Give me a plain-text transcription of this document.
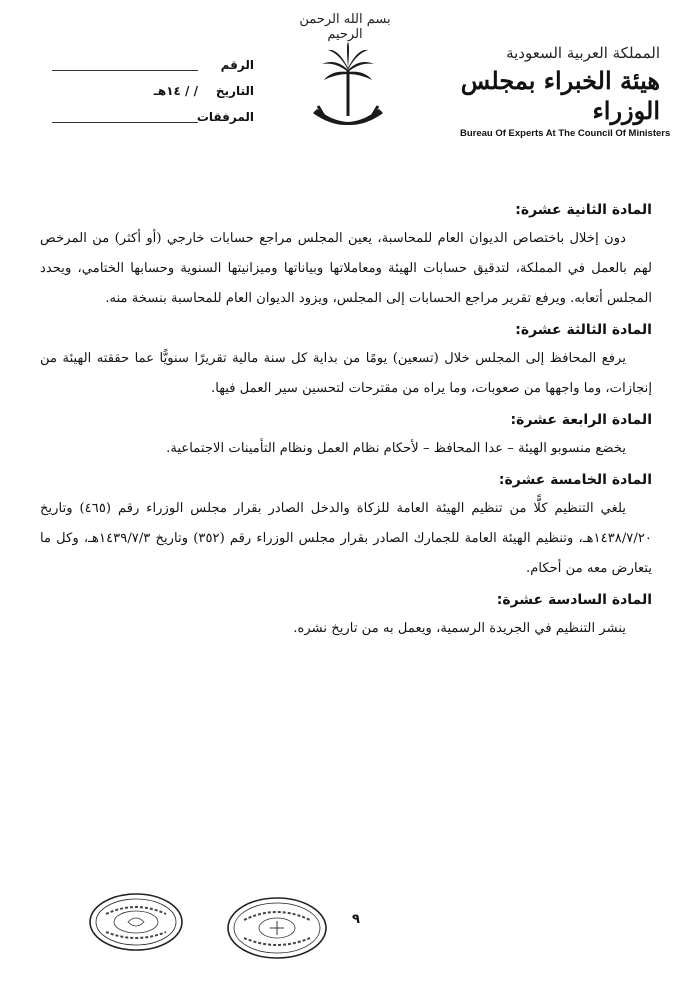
بسم الله الرحمن الرحيم
المملكة العربية السعودية
هيئة الخبراء بمجلس الوزراء
Bureau Of Experts At The Council Of Ministers
الرقم
التاريخ
/ / ١٤هـ
المرفقات
المادة الثانية عشرة:

دون إخلال باختصاص الديوان العام للمحاسبة، يعين المجلس مراجع حسابات خارجي (أو أكثر) من المرخص لهم بالعمل في المملكة، لتدقيق حسابات الهيئة ومعاملاتها وبياناتها وميزانيتها السنوية وحسابها الختامي، ويحدد المجلس أتعابه. ويرفع تقرير مراجع الحسابات إلى المجلس، ويزود الديوان العام للمحاسبة بنسخة منه.

المادة الثالثة عشرة:

يرفع المحافظ إلى المجلس خلال (تسعين) يومًا من بداية كل سنة مالية تقريرًا سنويًّا عما حققته الهيئة من إنجازات، وما واجهها من صعوبات، وما يراه من مقترحات لتحسين سير العمل فيها.

المادة الرابعة عشرة:

يخضع منسوبو الهيئة – عدا المحافظ – لأحكام نظام العمل ونظام التأمينات الاجتماعية.

المادة الخامسة عشرة:

يلغي التنظيم كلًّا من تنظيم الهيئة العامة للزكاة والدخل الصادر بقرار مجلس الوزراء رقم (٤٦٥) وتاريخ ١٤٣٨/٧/٢٠هـ، وتنظيم الهيئة العامة للجمارك الصادر بقرار مجلس الوزراء رقم (٣٥٢) وتاريخ ١٤٣٩/٧/٣هـ، وكل ما يتعارض معه من أحكام.

المادة السادسة عشرة:

ينشر التنظيم في الجريدة الرسمية، ويعمل به من تاريخ نشره.

٩
